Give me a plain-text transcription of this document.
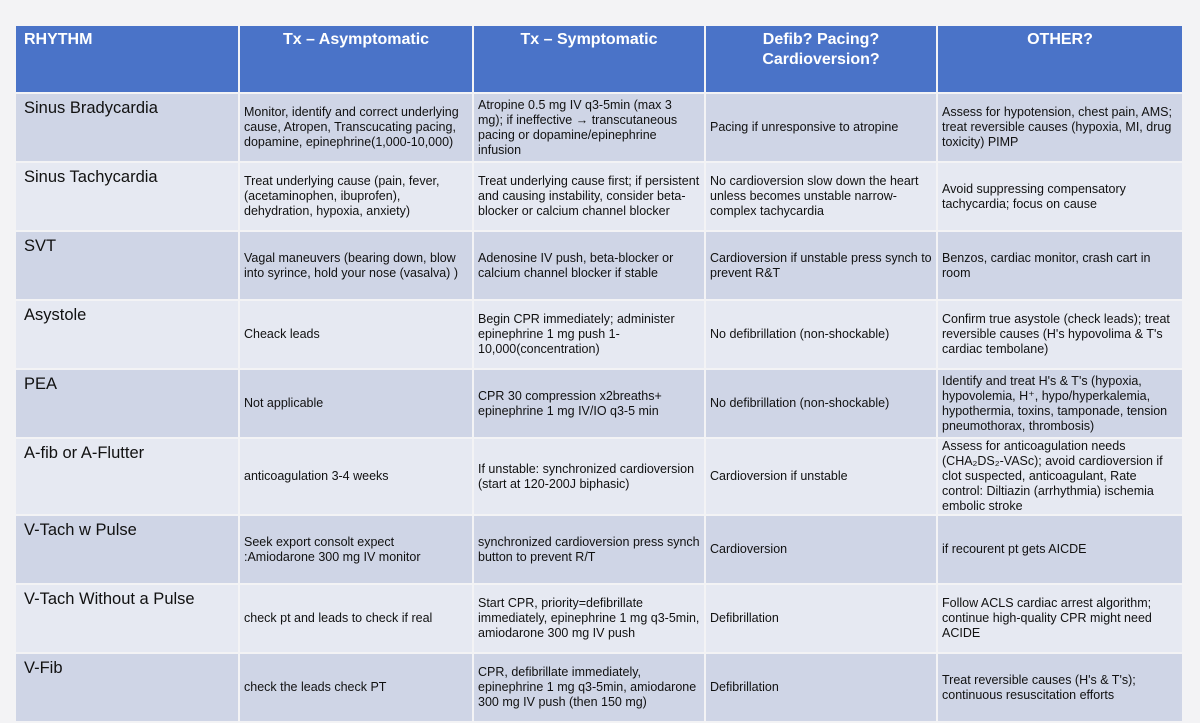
RHYTHM	Tx – Asymptomatic	Tx – Symptomatic	Defib? Pacing? Cardioversion?	OTHER?
Sinus Bradycardia	Monitor, identify and correct underlying cause, Atropen, Transcucating pacing, dopamine, epinephrine(1,000-10,000)	Atropine 0.5 mg IV q3-5min (max 3 mg); if ineffective → transcutaneous pacing or dopamine/epinephrine infusion	Pacing if unresponsive to atropine	Assess for hypotension, chest pain, AMS; treat reversible causes (hypoxia, MI, drug toxicity) PIMP
Sinus Tachycardia	Treat underlying cause (pain, fever, (acetaminophen, ibuprofen), dehydration, hypoxia, anxiety)	Treat underlying cause first; if persistent and causing instability, consider beta-blocker or calcium channel blocker	No cardioversion slow down the heart unless becomes unstable narrow-complex tachycardia	Avoid suppressing compensatory tachycardia; focus on cause
SVT	Vagal maneuvers (bearing down, blow into syrince, hold your nose (vasalva) )	Adenosine IV push, beta-blocker or calcium channel blocker if stable	Cardioversion if unstable press synch to prevent R&T	Benzos, cardiac monitor, crash cart in room
Asystole	Cheack leads	Begin CPR immediately; administer epinephrine 1 mg push 1-10,000(concentration)	No defibrillation (non-shockable)	Confirm true asystole (check leads); treat reversible causes (H's hypovolima & T's cardiac tembolane)
PEA	Not applicable	CPR 30 compression x2breaths+ epinephrine 1 mg IV/IO q3-5 min	No defibrillation (non-shockable)	Identify and treat H's & T's (hypoxia, hypovolemia, H⁺, hypo/hyperkalemia, hypothermia, toxins, tamponade, tension pneumothorax, thrombosis)
A-fib or A-Flutter	anticoagulation 3-4 weeks	If unstable: synchronized cardioversion (start at 120-200J biphasic)	Cardioversion if unstable	Assess for anticoagulation needs (CHA₂DS₂-VASc); avoid cardioversion if clot suspected, anticoagulant, Rate control: Diltiazin (arrhythmia) ischemia embolic stroke
V-Tach w Pulse	Seek export consolt expect :Amiodarone 300 mg IV monitor	synchronized cardioversion press synch button to prevent R/T	Cardioversion	if recourent pt gets AICDE
V-Tach Without a Pulse	check pt and leads to check if real	Start CPR, priority=defibrillate immediately, epinephrine 1 mg q3-5min, amiodarone 300 mg IV push	Defibrillation	Follow ACLS cardiac arrest algorithm; continue high-quality CPR might need ACIDE
V-Fib	check the leads check PT	CPR, defibrillate immediately, epinephrine 1 mg q3-5min, amiodarone 300 mg IV push (then 150 mg)	Defibrillation	Treat reversible causes (H's & T's); continuous resuscitation efforts
